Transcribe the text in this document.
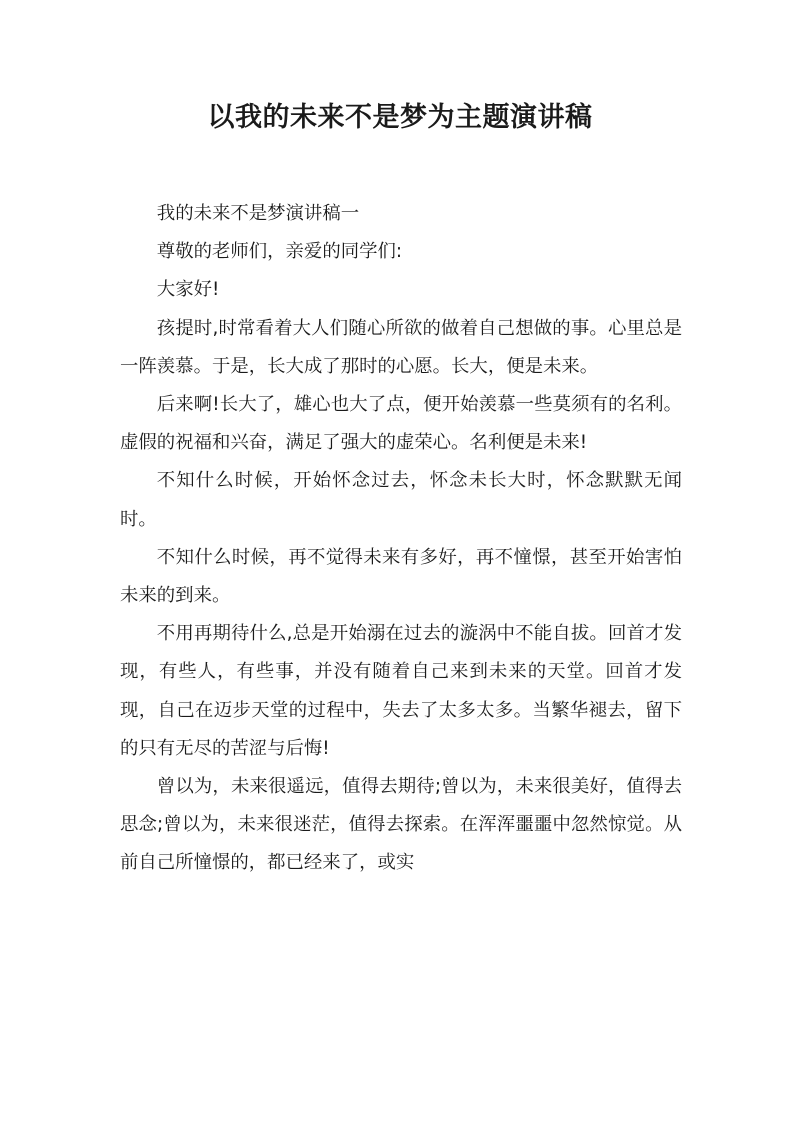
以我的未来不是梦为主题演讲稿

我的未来不是梦演讲稿一

尊敬的老师们，亲爱的同学们:

大家好!

孩提时,时常看着大人们随心所欲的做着自己想做的事。心里总是一阵羡慕。于是，长大成了那时的心愿。长大，便是未来。

后来啊!长大了，雄心也大了点，便开始羡慕一些莫须有的名利。虚假的祝福和兴奋，满足了强大的虚荣心。名利便是未来!

不知什么时候，开始怀念过去，怀念未长大时，怀念默默无闻时。

不知什么时候，再不觉得未来有多好，再不憧憬，甚至开始害怕未来的到来。

不用再期待什么,总是开始溺在过去的漩涡中不能自拔。回首才发现，有些人，有些事，并没有随着自己来到未来的天堂。回首才发现，自己在迈步天堂的过程中，失去了太多太多。当繁华褪去，留下的只有无尽的苦涩与后悔!

曾以为，未来很遥远，值得去期待;曾以为，未来很美好，值得去思念;曾以为，未来很迷茫，值得去探索。在浑浑噩噩中忽然惊觉。从前自己所憧憬的，都已经来了，或实
